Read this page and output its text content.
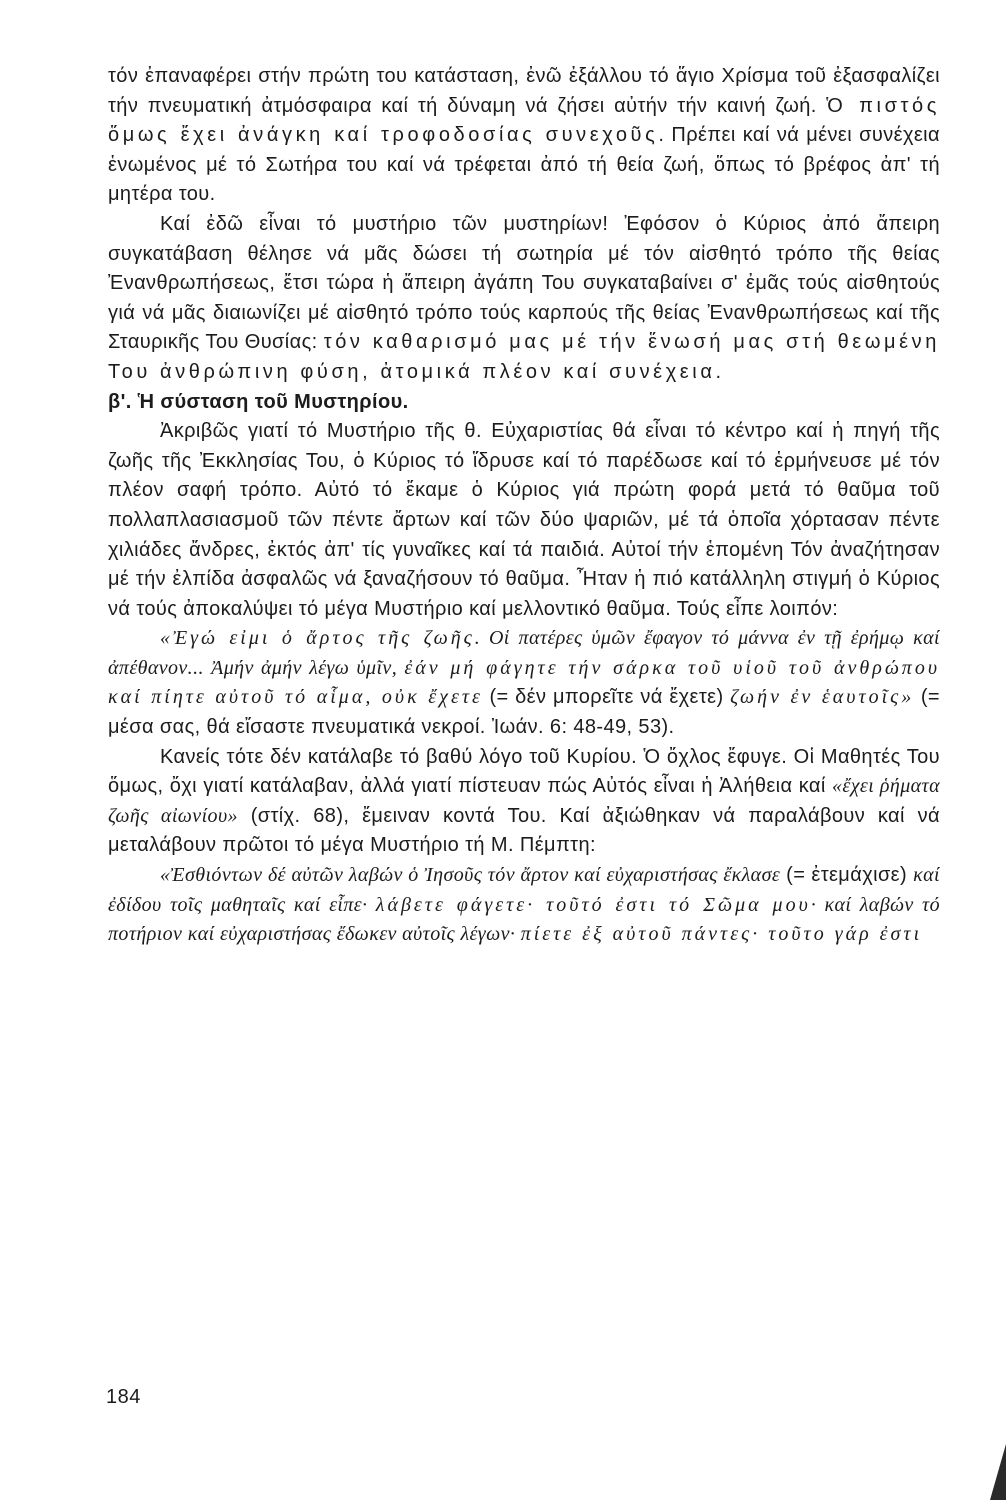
τόν ἐπαναφέρει στήν πρώτη του κατάσταση, ἐνῶ ἐξάλλου τό ἅγιο Χρίσμα τοῦ ἐξασφαλίζει τήν πνευματική ἀτμόσφαιρα καί τή δύναμη νά ζήσει αὐτήν τήν καινή ζωή. Ὁ πιστός ὅμως ἔχει ἀνάγκη καί τροφοδοσίας συνεχοῦς. Πρέπει καί νά μένει συνέχεια ἑνωμένος μέ τό Σωτήρα του καί νά τρέφεται ἀπό τή θεία ζωή, ὅπως τό βρέφος ἀπ' τή μητέρα του.

Καί ἐδῶ εἶναι τό μυστήριο τῶν μυστηρίων! Ἐφόσον ὁ Κύριος ἀπό ἄπειρη συγκατάβαση θέλησε νά μᾶς δώσει τή σωτηρία μέ τόν αἰσθητό τρόπο τῆς θείας Ἐνανθρωπήσεως, ἔτσι τώρα ἡ ἄπειρη ἀγάπη Του συγκαταβαίνει σ' ἐμᾶς τούς αἰσθητούς γιά νά μᾶς διαιωνίζει μέ αἰσθητό τρόπο τούς καρπούς τῆς θείας Ἐνανθρωπήσεως καί τῆς Σταυρικῆς Του Θυσίας: τόν καθαρισμό μας μέ τήν ἕνωσή μας στή θεωμένη Του ἀνθρώπινη φύση, ἀτομικά πλέον καί συνέχεια.

β'. Ἡ σύσταση τοῦ Μυστηρίου.

Ἀκριβῶς γιατί τό Μυστήριο τῆς θ. Εὐχαριστίας θά εἶναι τό κέντρο καί ἡ πηγή τῆς ζωῆς τῆς Ἐκκλησίας Του, ὁ Κύριος τό ἵδρυσε καί τό παρέδωσε καί τό ἑρμήνευσε μέ τόν πλέον σαφή τρόπο. Αὐτό τό ἔκαμε ὁ Κύριος γιά πρώτη φορά μετά τό θαῦμα τοῦ πολλαπλασιασμοῦ τῶν πέντε ἄρτων καί τῶν δύο ψαριῶν, μέ τά ὁποῖα χόρτασαν πέντε χιλιάδες ἄνδρες, ἐκτός ἀπ' τίς γυναῖκες καί τά παιδιά. Αὐτοί τήν ἑπομένη Τόν ἀναζήτησαν μέ τήν ἐλπίδα ἀσφαλῶς νά ξαναζήσουν τό θαῦμα. Ἦταν ἡ πιό κατάλληλη στιγμή ὁ Κύριος νά τούς ἀποκαλύψει τό μέγα Μυστήριο καί μελλοντικό θαῦμα. Τούς εἶπε λοιπόν:

«Ἐγώ εἰμι ὁ ἄρτος τῆς ζωῆς. Οἱ πατέρες ὑμῶν ἔφαγον τό μάννα ἐν τῇ ἐρήμῳ καί ἀπέθανον... Ἀμήν ἀμήν λέγω ὑμῖν, ἐάν μή φάγητε τήν σάρκα τοῦ υἱοῦ τοῦ ἀνθρώπου καί πίητε αὐτοῦ τό αἷμα, οὐκ ἔχετε (= δέν μπορεῖτε νά ἔχετε) ζωήν ἐν ἑαυτοῖς» (= μέσα σας, θά εἴσαστε πνευματικά νεκροί. Ἰωάν. 6: 48-49, 53).

Κανείς τότε δέν κατάλαβε τό βαθύ λόγο τοῦ Κυρίου. Ὁ ὄχλος ἔφυγε. Οἱ Μαθητές Του ὅμως, ὄχι γιατί κατάλαβαν, ἀλλά γιατί πίστευαν πώς Αὐτός εἶναι ἡ Ἀλήθεια καί «ἔχει ῥήματα ζωῆς αἰωνίου» (στίχ. 68), ἔμειναν κοντά Του. Καί ἀξιώθηκαν νά παραλάβουν καί νά μεταλάβουν πρῶτοι τό μέγα Μυστήριο τή Μ. Πέμπτη:

«Ἐσθιόντων δέ αὐτῶν λαβών ὁ Ἰησοῦς τόν ἄρτον καί εὐχαριστήσας ἔκλασε (= ἐτεμάχισε) καί ἐδίδου τοῖς μαθηταῖς καί εἶπε· λάβετε φάγετε· τοῦτό ἐστι τό Σῶμα μου· καί λαβών τό ποτήριον καί εὐχαριστήσας ἔδωκεν αὐτοῖς λέγων· πίετε ἐξ αὐτοῦ πάντες· τοῦτο γάρ ἐστι

184
